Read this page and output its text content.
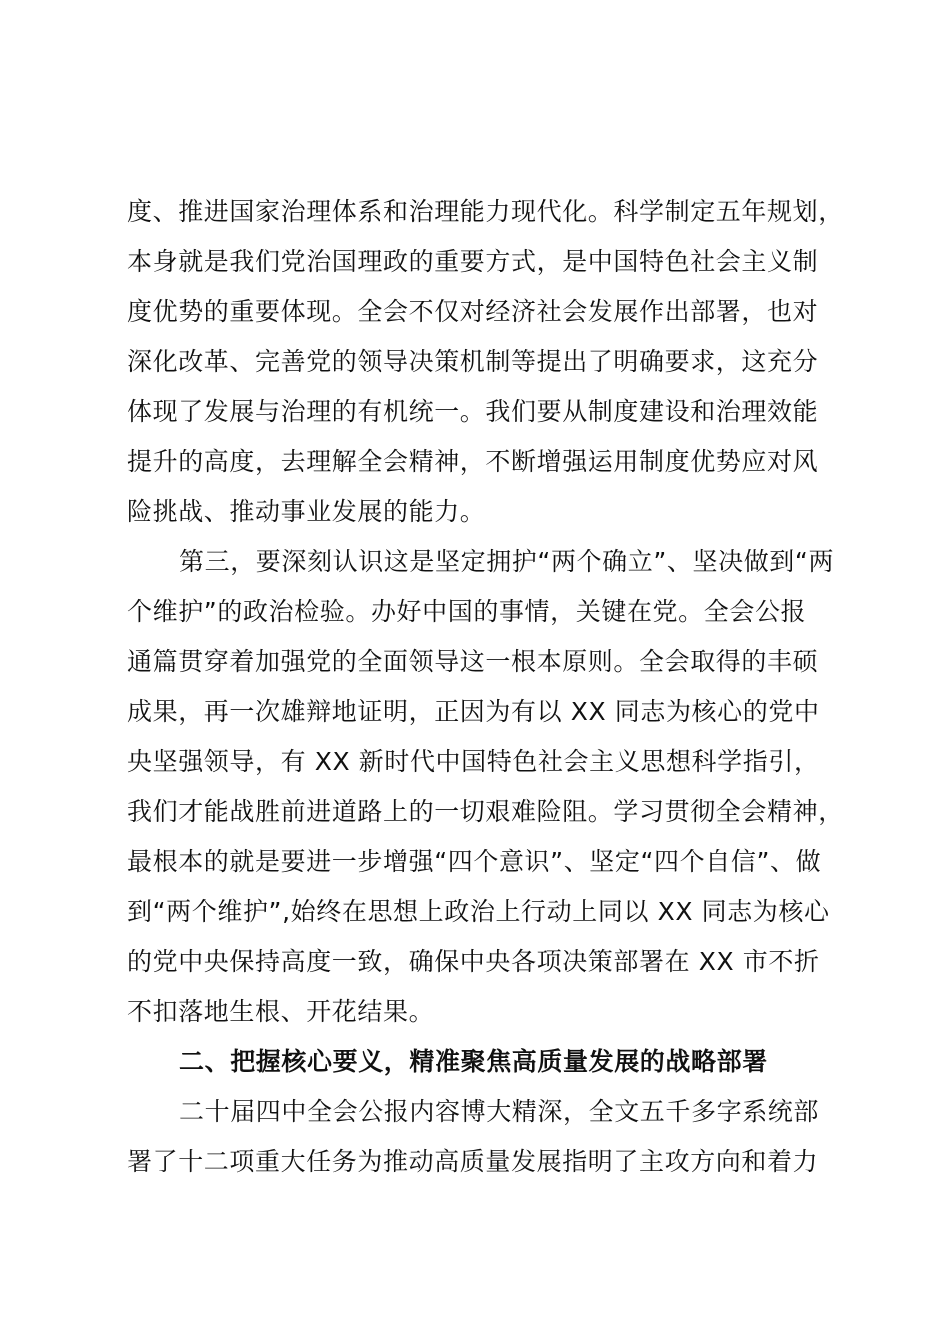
度、推进国家治理体系和治理能力现代化。科学制定五年规划，
本身就是我们党治国理政的重要方式，是中国特色社会主义制
度优势的重要体现。全会不仅对经济社会发展作出部署，也对
深化改革、完善党的领导决策机制等提出了明确要求，这充分
体现了发展与治理的有机统一。我们要从制度建设和治理效能
提升的高度，去理解全会精神，不断增强运用制度优势应对风
险挑战、推动事业发展的能力。
第三，要深刻认识这是坚定拥护“两个确立”、坚决做到“两
个维护”的政治检验。办好中国的事情，关键在党。全会公报
通篇贯穿着加强党的全面领导这一根本原则。全会取得的丰硕
成果，再一次雄辩地证明，正因为有以 XX 同志为核心的党中
央坚强领导，有 XX 新时代中国特色社会主义思想科学指引，
我们才能战胜前进道路上的一切艰难险阻。学习贯彻全会精神，
最根本的就是要进一步增强“四个意识”、坚定“四个自信”、做
到“两个维护”,始终在思想上政治上行动上同以 XX 同志为核心
的党中央保持高度一致，确保中央各项决策部署在 XX 市不折
不扣落地生根、开花结果。
二、把握核心要义，精准聚焦高质量发展的战略部署
二十届四中全会公报内容博大精深，全文五千多字系统部
署了十二项重大任务为推动高质量发展指明了主攻方向和着力
